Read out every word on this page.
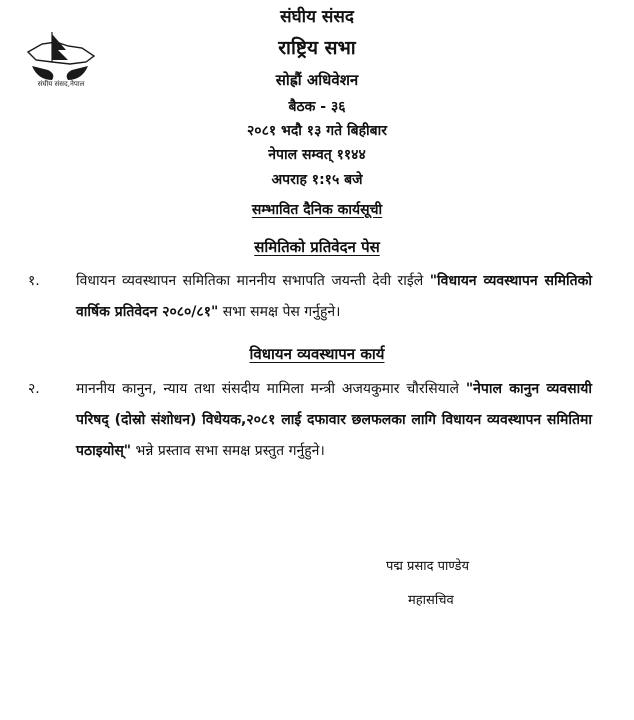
संघीय संसद,नेपाल
संघीय संसद
राष्ट्रिय सभा
सोह्रौं अधिवेशन
बैठक - ३६
२०८१ भदौ १३ गते बिहीबार
नेपाल सम्वत् ११४४
अपराह १:१५ बजे
सम्भावित दैनिक कार्यसूची
समितिको प्रतिवेदन पेस
१.	विधायन व्यवस्थापन समितिका माननीय सभापति जयन्ती देवी राईले "विधायन व्यवस्थापन समितिको वार्षिक प्रतिवेदन २०८०/८१" सभा समक्ष पेस गर्नुहुने।
विधायन व्यवस्थापन कार्य
२.	माननीय कानुन, न्याय तथा संसदीय मामिला मन्त्री अजयकुमार चौरसियाले "नेपाल कानुन व्यवसायी परिषद् (दोस्रो संशोधन) विधेयक,२०८१ लाई दफावार छलफलका लागि विधायन व्यवस्थापन समितिमा पठाइयोस्" भन्ने प्रस्ताव सभा समक्ष प्रस्तुत गर्नुहुने।
पद्म प्रसाद पाण्डेय
महासचिव
